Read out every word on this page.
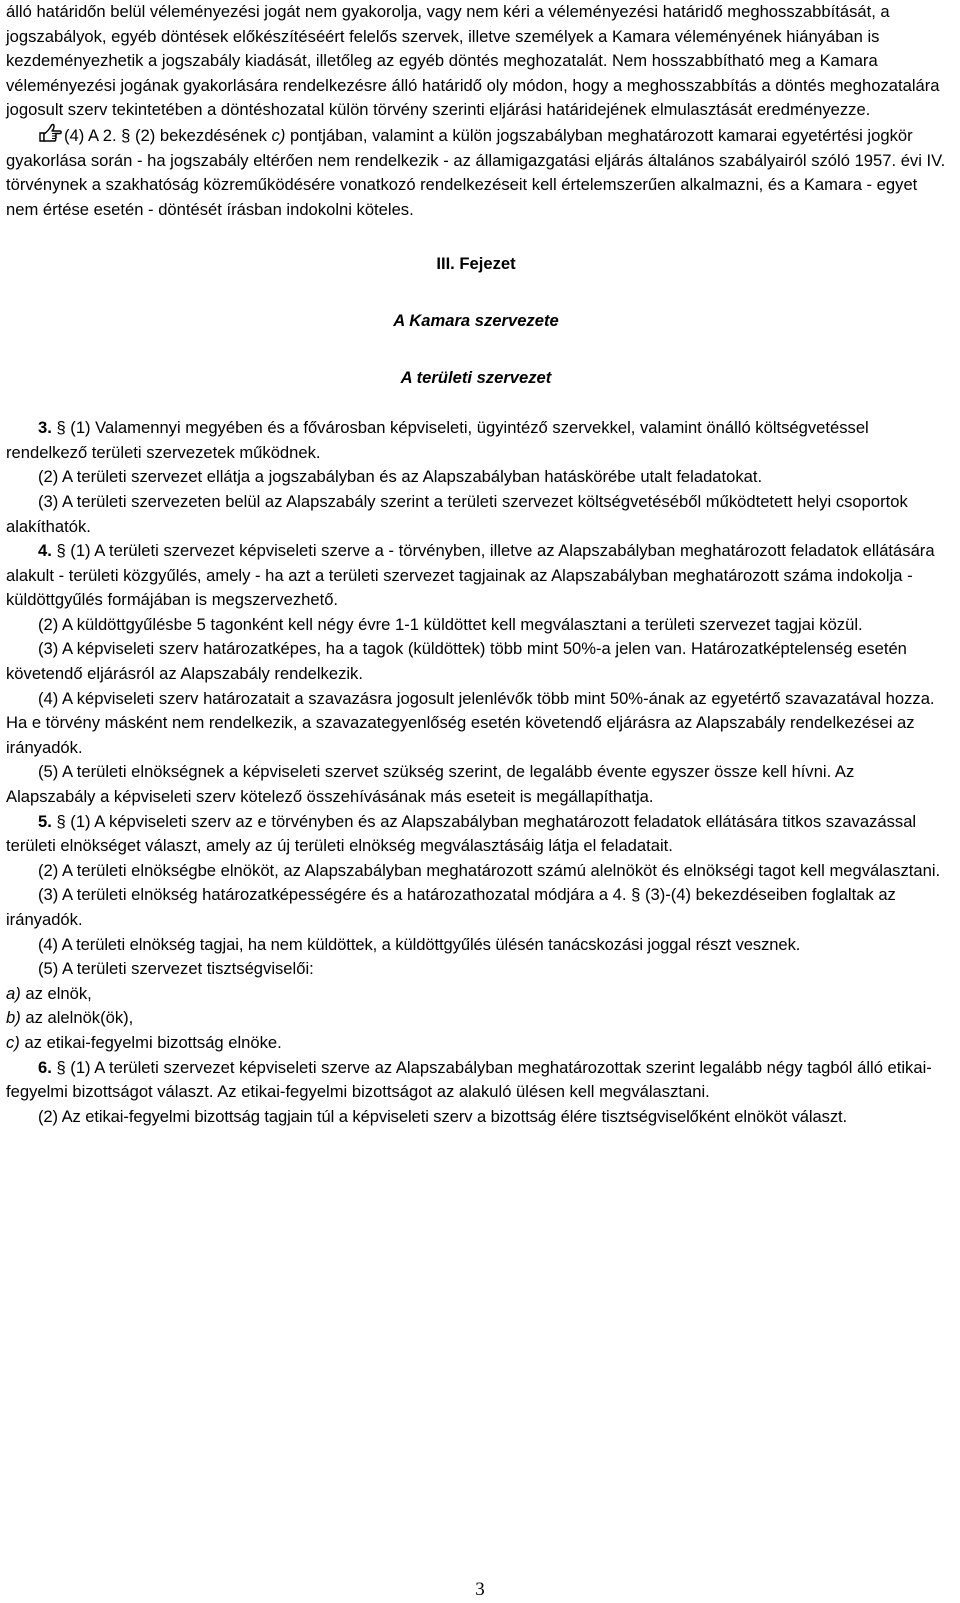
álló határidőn belül véleményezési jogát nem gyakorolja, vagy nem kéri a véleményezési határidő meghosszabbítását, a jogszabályok, egyéb döntések előkészítéséért felelős szervek, illetve személyek a Kamara véleményének hiányában is kezdeményezhetik a jogszabály kiadását, illetőleg az egyéb döntés meghozatalát. Nem hosszabbítható meg a Kamara véleményezési jogának gyakorlására rendelkezésre álló határidő oly módon, hogy a meghosszabbítás a döntés meghozatalára jogosult szerv tekintetében a döntéshozatal külön törvény szerinti eljárási határidejének elmulasztását eredményezze.

(4) A 2. § (2) bekezdésének c) pontjában, valamint a külön jogszabályban meghatározott kamarai egyetértési jogkör gyakorlása során - ha jogszabály eltérően nem rendelkezik - az államigazgatási eljárás általános szabályairól szóló 1957. évi IV. törvénynek a szakhatóság közreműködésére vonatkozó rendelkezéseit kell értelemszerűen alkalmazni, és a Kamara - egyet nem értése esetén - döntését írásban indokolni köteles.

III. Fejezet

A Kamara szervezete

A területi szervezet

3. § (1) Valamennyi megyében és a fővárosban képviseleti, ügyintéző szervekkel, valamint önálló költségvetéssel rendelkező területi szervezetek működnek.

(2) A területi szervezet ellátja a jogszabályban és az Alapszabályban hatáskörébe utalt feladatokat.

(3) A területi szervezeten belül az Alapszabály szerint a területi szervezet költségvetéséből működtetett helyi csoportok alakíthatók.

4. § (1) A területi szervezet képviseleti szerve a - törvényben, illetve az Alapszabályban meghatározott feladatok ellátására alakult - területi közgyűlés, amely - ha azt a területi szervezet tagjainak az Alapszabályban meghatározott száma indokolja - küldöttgyűlés formájában is megszervezhető.

(2) A küldöttgyűlésbe 5 tagonként kell négy évre 1-1 küldöttet kell megválasztani a területi szervezet tagjai közül.

(3) A képviseleti szerv határozatképes, ha a tagok (küldöttek) több mint 50%-a jelen van. Határozatképtelenség esetén követendő eljárásról az Alapszabály rendelkezik.

(4) A képviseleti szerv határozatait a szavazásra jogosult jelenlévők több mint 50%-ának az egyetértő szavazatával hozza. Ha e törvény másként nem rendelkezik, a szavazategyenlőség esetén követendő eljárásra az Alapszabály rendelkezései az irányadók.

(5) A területi elnökségnek a képviseleti szervet szükség szerint, de legalább évente egyszer össze kell hívni. Az Alapszabály a képviseleti szerv kötelező összehívásának más eseteit is megállapíthatja.

5. § (1) A képviseleti szerv az e törvényben és az Alapszabályban meghatározott feladatok ellátására titkos szavazással területi elnökséget választ, amely az új területi elnökség megválasztásáig látja el feladatait.

(2) A területi elnökségbe elnököt, az Alapszabályban meghatározott számú alelnököt és elnökségi tagot kell megválasztani.

(3) A területi elnökség határozatképességére és a határozathozatal módjára a 4. § (3)-(4) bekezdéseiben foglaltak az irányadók.

(4) A területi elnökség tagjai, ha nem küldöttek, a küldöttgyűlés ülésén tanácskozási joggal részt vesznek.

(5) A területi szervezet tisztségviselői:

a) az elnök,

b) az alelnök(ök),

c) az etikai-fegyelmi bizottság elnöke.

6. § (1) A területi szervezet képviseleti szerve az Alapszabályban meghatározottak szerint legalább négy tagból álló etikai-fegyelmi bizottságot választ. Az etikai-fegyelmi bizottságot az alakuló ülésen kell megválasztani.

(2) Az etikai-fegyelmi bizottság tagjain túl a képviseleti szerv a bizottság élére tisztségviselőként elnököt választ.

3
